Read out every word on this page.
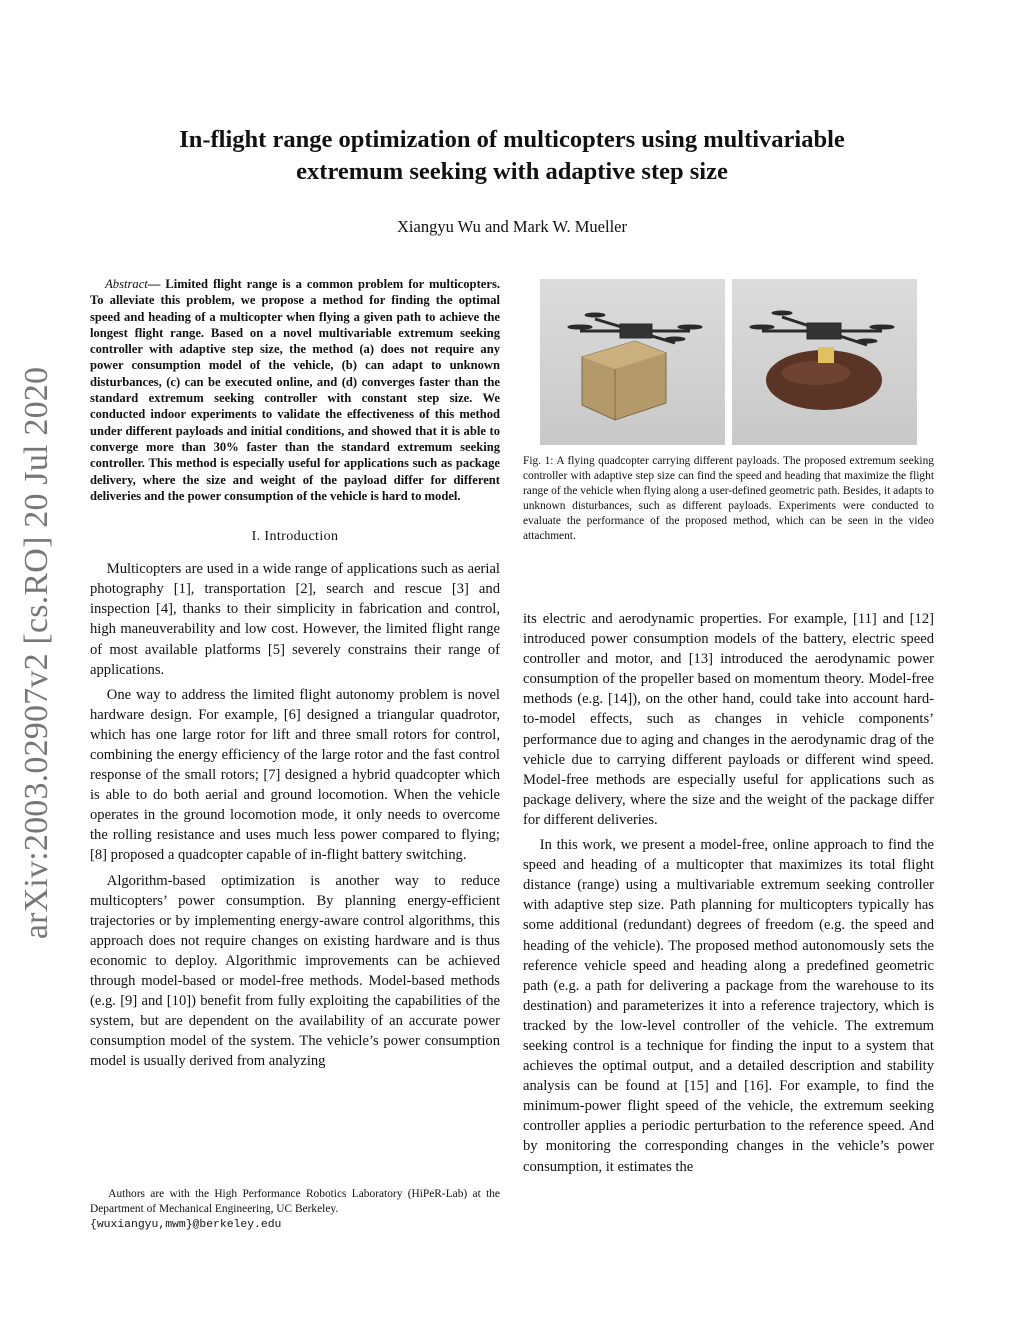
arXiv:2003.02907v2 [cs.RO] 20 Jul 2020
In-flight range optimization of multicopters using multivariable
extremum seeking with adaptive step size
Xiangyu Wu and Mark W. Mueller
Abstract— Limited flight range is a common problem for multicopters. To alleviate this problem, we propose a method for finding the optimal speed and heading of a multicopter when flying a given path to achieve the longest flight range. Based on a novel multivariable extremum seeking controller with adaptive step size, the method (a) does not require any power consumption model of the vehicle, (b) can adapt to unknown disturbances, (c) can be executed online, and (d) converges faster than the standard extremum seeking controller with constant step size. We conducted indoor experiments to validate the effectiveness of this method under different payloads and initial conditions, and showed that it is able to converge more than 30% faster than the standard extremum seeking controller. This method is especially useful for applications such as package delivery, where the size and weight of the payload differ for different deliveries and the power consumption of the vehicle is hard to model.
I. Introduction

Multicopters are used in a wide range of applications such as aerial photography [1], transportation [2], search and rescue [3] and inspection [4], thanks to their simplicity in fabrication and control, high maneuverability and low cost. However, the limited flight range of most available platforms [5] severely constrains their range of applications.

One way to address the limited flight autonomy problem is novel hardware design. For example, [6] designed a triangular quadrotor, which has one large rotor for lift and three small rotors for control, combining the energy efficiency of the large rotor and the fast control response of the small rotors; [7] designed a hybrid quadcopter which is able to do both aerial and ground locomotion. When the vehicle operates in the ground locomotion mode, it only needs to overcome the rolling resistance and uses much less power compared to flying; [8] proposed a quadcopter capable of in-flight battery switching.

Algorithm-based optimization is another way to reduce multicopters’ power consumption. By planning energy-efficient trajectories or by implementing energy-aware control algorithms, this approach does not require changes on existing hardware and is thus economic to deploy. Algorithmic improvements can be achieved through model-based or model-free methods. Model-based methods (e.g. [9] and [10]) benefit from fully exploiting the capabilities of the system, but are dependent on the availability of an accurate power consumption model of the system. The vehicle’s power consumption model is usually derived from analyzing

Authors are with the High Performance Robotics Laboratory (HiPeR-Lab) at the Department of Mechanical Engineering, UC Berkeley.
{wuxiangyu,mwm}@berkeley.edu
Fig. 1: A flying quadcopter carrying different payloads. The proposed extremum seeking controller with adaptive step size can find the speed and heading that maximize the flight range of the vehicle when flying along a user-defined geometric path. Besides, it adapts to unknown disturbances, such as different payloads. Experiments were conducted to evaluate the performance of the proposed method, which can be seen in the video attachment.

its electric and aerodynamic properties. For example, [11] and [12] introduced power consumption models of the battery, electric speed controller and motor, and [13] introduced the aerodynamic power consumption of the propeller based on momentum theory. Model-free methods (e.g. [14]), on the other hand, could take into account hard-to-model effects, such as changes in vehicle components’ performance due to aging and changes in the aerodynamic drag of the vehicle due to carrying different payloads or different wind speed. Model-free methods are especially useful for applications such as package delivery, where the size and the weight of the package differ for different deliveries.

In this work, we present a model-free, online approach to find the speed and heading of a multicopter that maximizes its total flight distance (range) using a multivariable extremum seeking controller with adaptive step size. Path planning for multicopters typically has some additional (redundant) degrees of freedom (e.g. the speed and heading of the vehicle). The proposed method autonomously sets the reference vehicle speed and heading along a predefined geometric path (e.g. a path for delivering a package from the warehouse to its destination) and parameterizes it into a reference trajectory, which is tracked by the low-level controller of the vehicle. The extremum seeking control is a technique for finding the input to a system that achieves the optimal output, and a detailed description and stability analysis can be found at [15] and [16]. For example, to find the minimum-power flight speed of the vehicle, the extremum seeking controller applies a periodic perturbation to the reference speed. And by monitoring the corresponding changes in the vehicle’s power consumption, it estimates the
